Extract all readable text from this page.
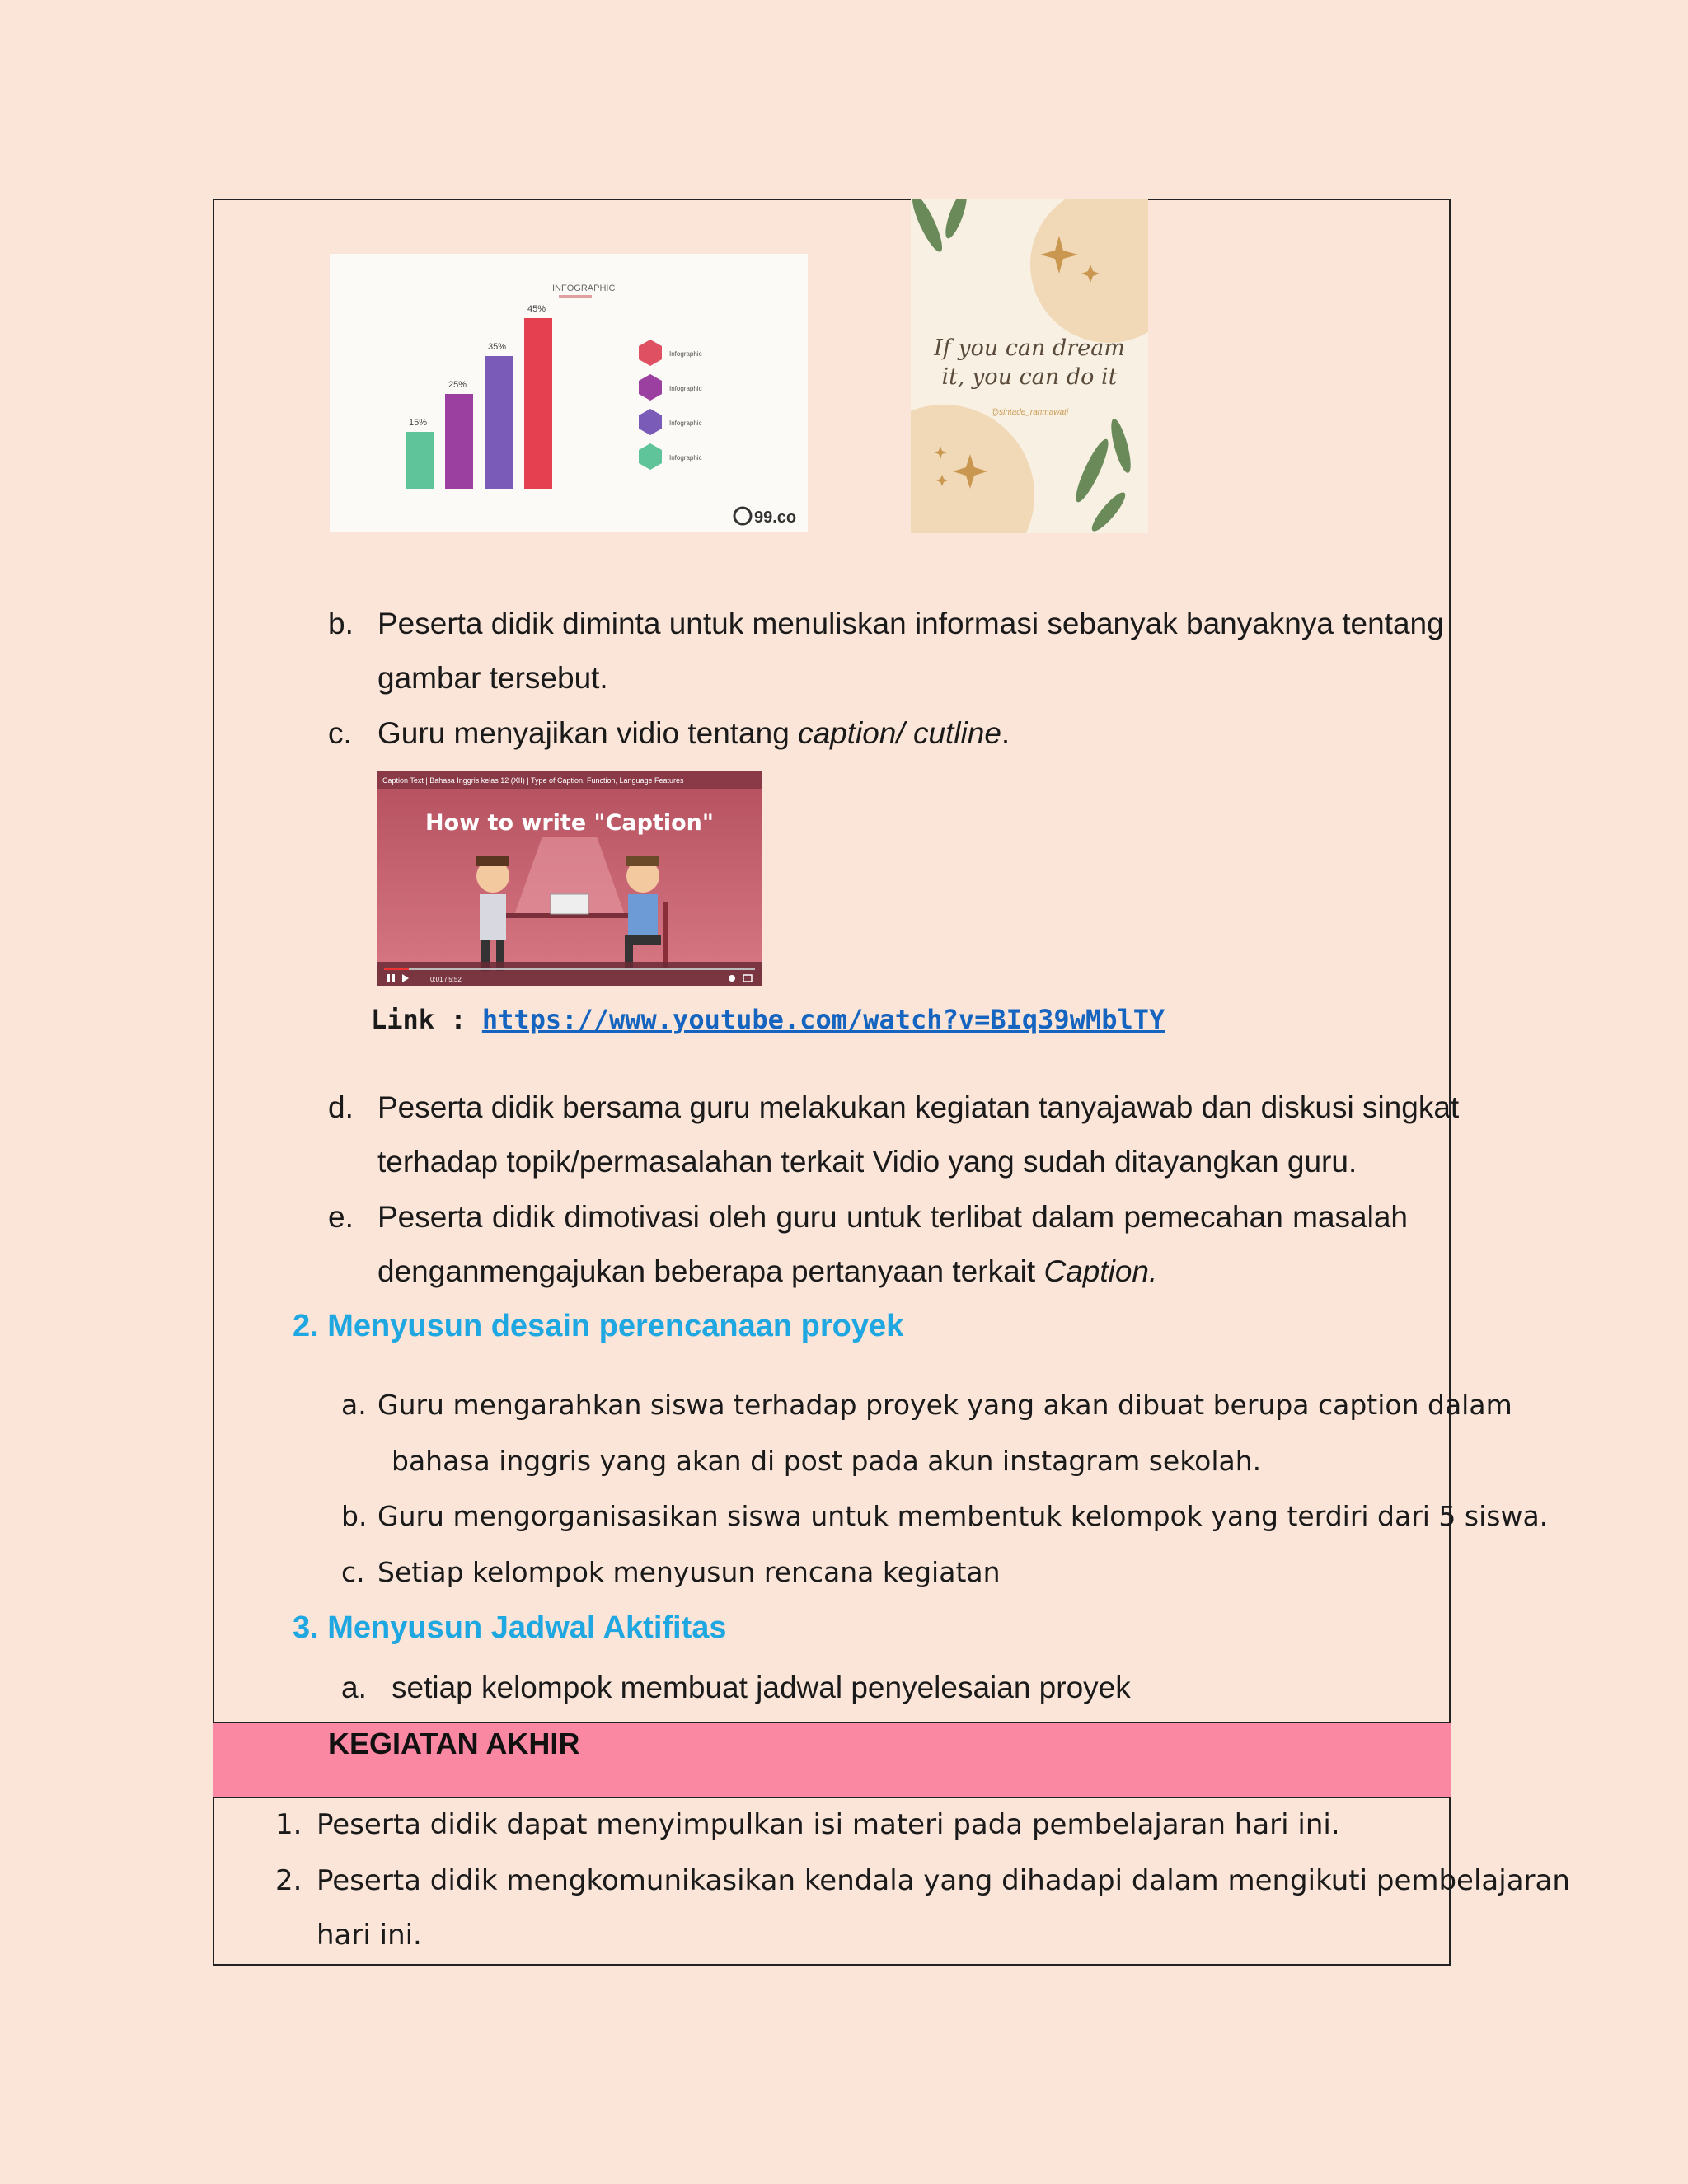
INFOGRAPHIC
15%
25%
35%
45%
Infographic
Infographic
Infographic
Infographic
99.co
If you can dream
it, you can do it
@sintade_rahmawati
b. Peserta didik diminta untuk menuliskan informasi sebanyak banyaknya tentang
gambar tersebut.
c. Guru menyajikan vidio tentang caption/ cutline.
Caption Text | Bahasa Inggris kelas 12 (XII) | Type of Caption, Function, Language Features
How to write "Caption"
0:01 / 5:52
Link : https://www.youtube.com/watch?v=BIq39wMblTY
d. Peserta didik bersama guru melakukan kegiatan tanyajawab dan diskusi singkat
terhadap topik/permasalahan terkait Vidio yang sudah ditayangkan guru.
e. Peserta didik dimotivasi oleh guru untuk terlibat dalam pemecahan masalah
denganmengajukan beberapa pertanyaan terkait Caption.
2. Menyusun desain perencanaan proyek
a. Guru mengarahkan siswa terhadap proyek yang akan dibuat berupa caption dalam
bahasa inggris yang akan di post pada akun instagram sekolah.
b. Guru mengorganisasikan siswa untuk membentuk kelompok yang terdiri dari 5 siswa.
c. Setiap kelompok menyusun rencana kegiatan
3. Menyusun Jadwal Aktifitas
a. setiap kelompok membuat jadwal penyelesaian proyek
KEGIATAN AKHIR
1. Peserta didik dapat menyimpulkan isi materi pada pembelajaran hari ini.
2. Peserta didik mengkomunikasikan kendala yang dihadapi dalam mengikuti pembelajaran
hari ini.
